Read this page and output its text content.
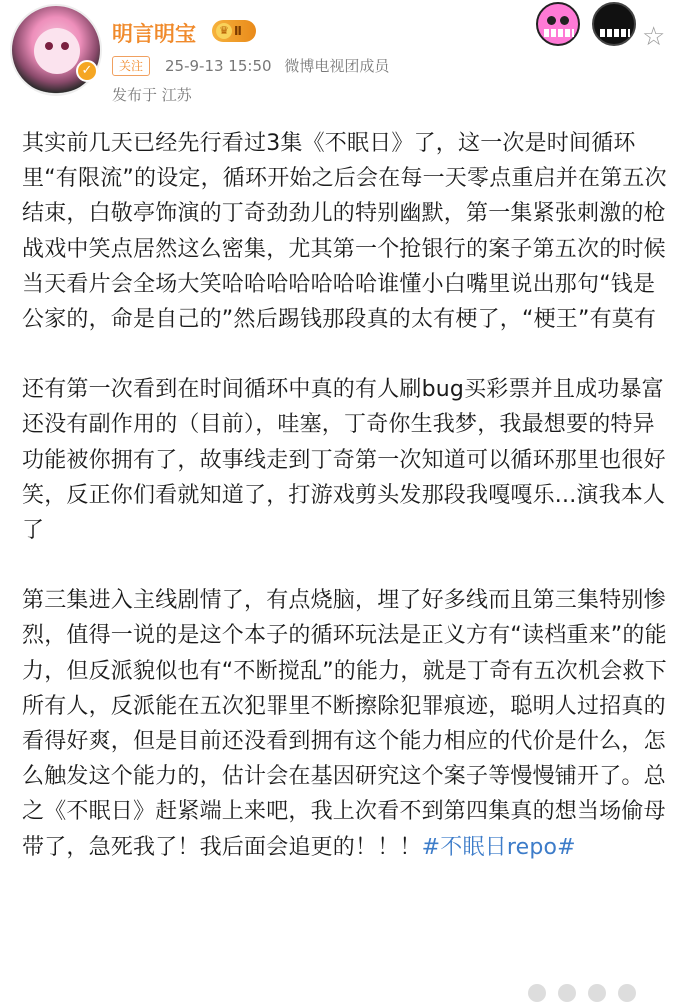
✓
明言明宝 ♛ Ⅱ
关注	25-9-13 15:50 微博电视团成员
发布于 江苏
☆

其实前几天已经先行看过3集《不眠日》了，这一次是时间循环里“有限流”的设定，循环开始之后会在每一天零点重启并在第五次结束，白敬亭饰演的丁奇劲劲儿的特别幽默，第一集紧张刺激的枪战戏中笑点居然这么密集，尤其第一个抢银行的案子第五次的时候当天看片会全场大笑哈哈哈哈哈哈哈谁懂小白嘴里说出那句“钱是公家的，命是自己的”然后踢钱那段真的太有梗了，“梗王”有莫有

还有第一次看到在时间循环中真的有人刷bug买彩票并且成功暴富还没有副作用的（目前），哇塞，丁奇你生我梦，我最想要的特异功能被你拥有了，故事线走到丁奇第一次知道可以循环那里也很好笑，反正你们看就知道了，打游戏剪头发那段我嘎嘎乐...演我本人了

第三集进入主线剧情了，有点烧脑，埋了好多线而且第三集特别惨烈，值得一说的是这个本子的循环玩法是正义方有“读档重来”的能力，但反派貌似也有“不断搅乱”的能力，就是丁奇有五次机会救下所有人，反派能在五次犯罪里不断擦除犯罪痕迹，聪明人过招真的看得好爽，但是目前还没看到拥有这个能力相应的代价是什么，怎么触发这个能力的，估计会在基因研究这个案子等慢慢铺开了。总之《不眠日》赶紧端上来吧，我上次看不到第四集真的想当场偷母带了，急死我了！我后面会追更的！！！#不眠日repo#
